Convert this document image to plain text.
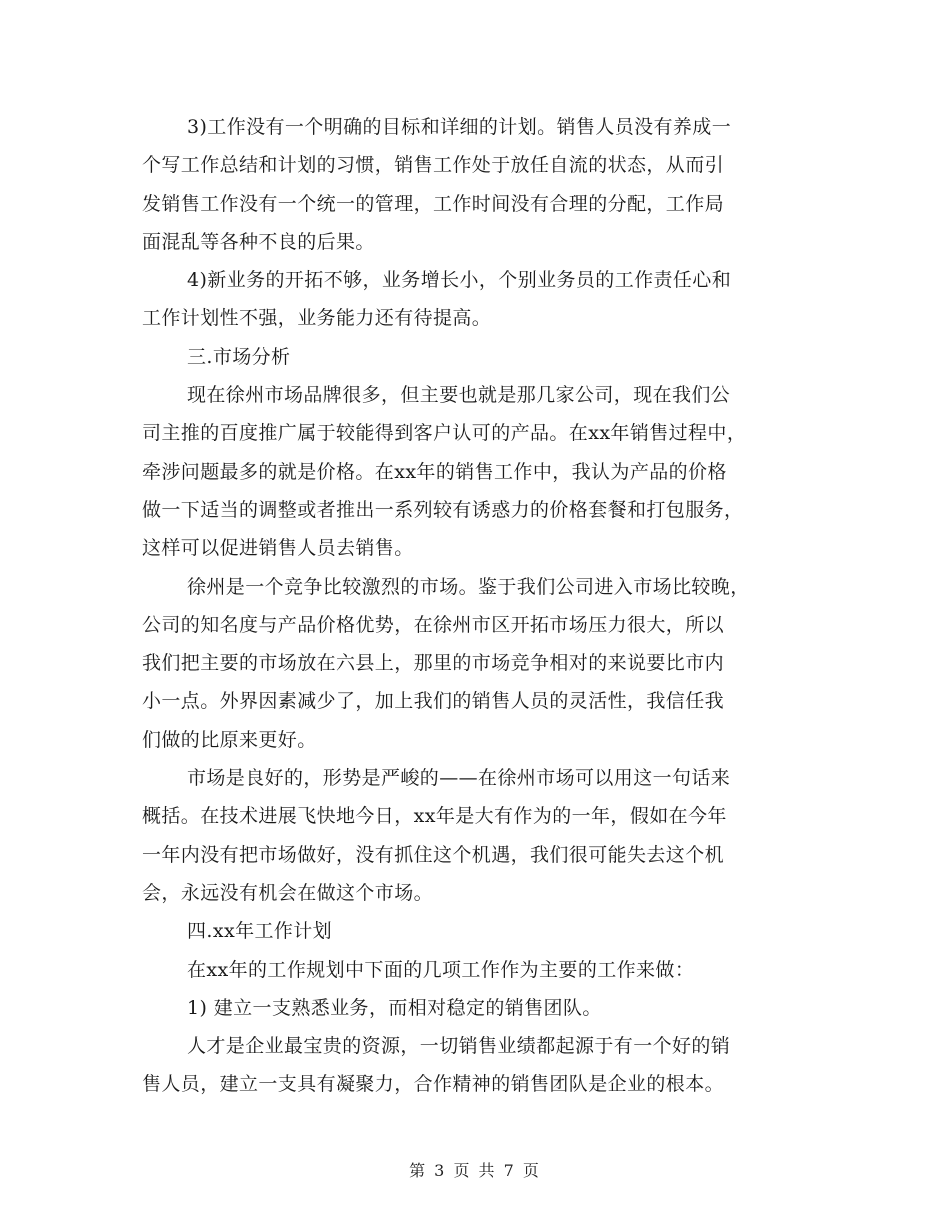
3)工作没有一个明确的目标和详细的计划。销售人员没有养成一
个写工作总结和计划的习惯，销售工作处于放任自流的状态，从而引
发销售工作没有一个统一的管理，工作时间没有合理的分配，工作局
面混乱等各种不良的后果。
4)新业务的开拓不够，业务增长小，个别业务员的工作责任心和
工作计划性不强，业务能力还有待提高。
三.市场分析
现在徐州市场品牌很多，但主要也就是那几家公司，现在我们公
司主推的百度推广属于较能得到客户认可的产品。在xx年销售过程中，
牵涉问题最多的就是价格。在xx年的销售工作中，我认为产品的价格
做一下适当的调整或者推出一系列较有诱惑力的价格套餐和打包服务，
这样可以促进销售人员去销售。
徐州是一个竞争比较激烈的市场。鉴于我们公司进入市场比较晚，
公司的知名度与产品价格优势，在徐州市区开拓市场压力很大，所以
我们把主要的市场放在六县上，那里的市场竞争相对的来说要比市内
小一点。外界因素减少了，加上我们的销售人员的灵活性，我信任我
们做的比原来更好。
市场是良好的，形势是严峻的——在徐州市场可以用这一句话来
概括。在技术进展飞快地今日，xx年是大有作为的一年，假如在今年
一年内没有把市场做好，没有抓住这个机遇，我们很可能失去这个机
会，永远没有机会在做这个市场。
四.xx年工作计划
在xx年的工作规划中下面的几项工作作为主要的工作来做：
1) 建立一支熟悉业务，而相对稳定的销售团队。
人才是企业最宝贵的资源，一切销售业绩都起源于有一个好的销
售人员，建立一支具有凝聚力，合作精神的销售团队是企业的根本。
第 3 页 共 7 页
